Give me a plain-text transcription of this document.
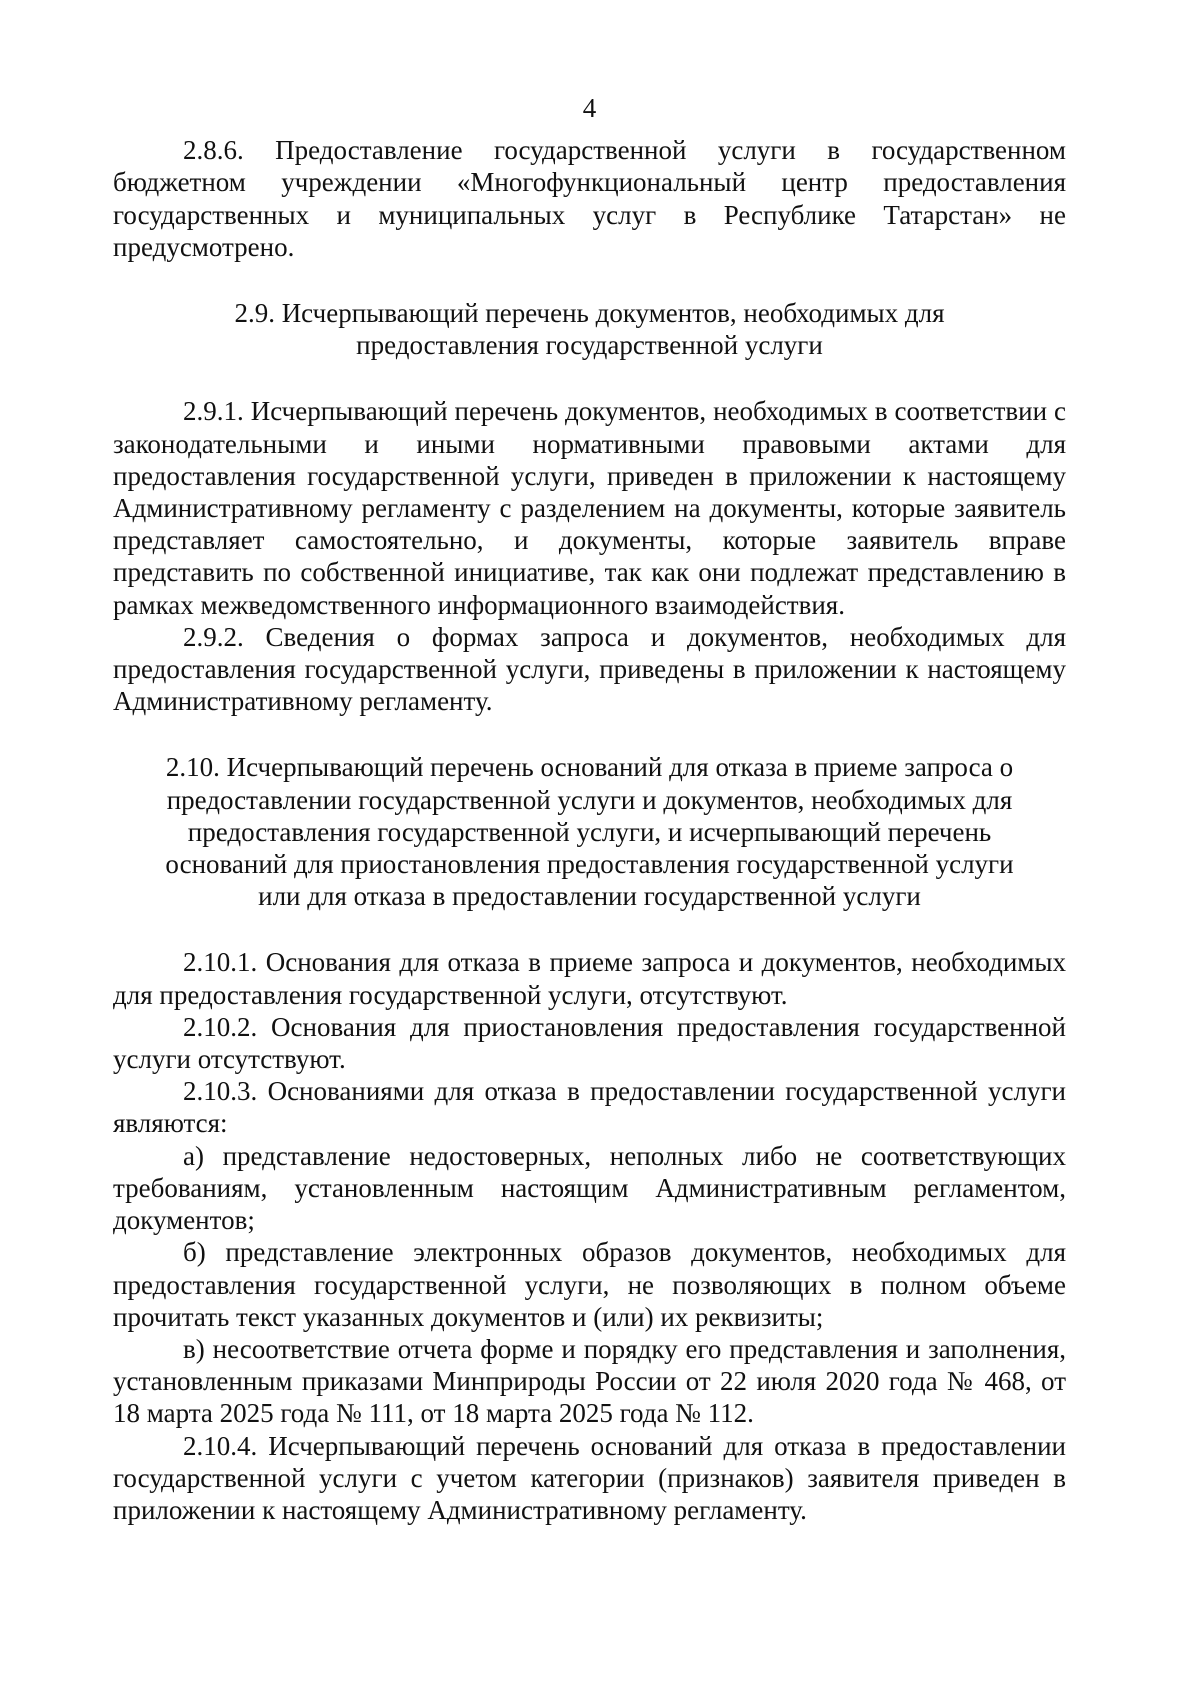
4

2.8.6. Предоставление государственной услуги в государственном бюджетном учреждении «Многофункциональный центр предоставления государственных и муниципальных услуг в Республике Татарстан» не предусмотрено.

2.9. Исчерпывающий перечень документов, необходимых для предоставления государственной услуги

2.9.1. Исчерпывающий перечень документов, необходимых в соответствии с законодательными и иными нормативными правовыми актами для предоставления государственной услуги, приведен в приложении к настоящему Административному регламенту с разделением на документы, которые заявитель представляет самостоятельно, и документы, которые заявитель вправе представить по собственной инициативе, так как они подлежат представлению в рамках межведомственного информационного взаимодействия.

2.9.2. Сведения о формах запроса и документов, необходимых для предоставления государственной услуги, приведены в приложении к настоящему Административному регламенту.

2.10. Исчерпывающий перечень оснований для отказа в приеме запроса о предоставлении государственной услуги и документов, необходимых для предоставления государственной услуги, и исчерпывающий перечень оснований для приостановления предоставления государственной услуги или для отказа в предоставлении государственной услуги

2.10.1. Основания для отказа в приеме запроса и документов, необходимых для предоставления государственной услуги, отсутствуют.

2.10.2. Основания для приостановления предоставления государственной услуги отсутствуют.

2.10.3. Основаниями для отказа в предоставлении государственной услуги являются:

а) представление недостоверных, неполных либо не соответствующих требованиям, установленным настоящим Административным регламентом, документов;

б) представление электронных образов документов, необходимых для предоставления государственной услуги, не позволяющих в полном объеме прочитать текст указанных документов и (или) их реквизиты;

в) несоответствие отчета форме и порядку его представления и заполнения, установленным приказами Минприроды России от 22 июля 2020 года № 468, от 18 марта 2025 года № 111, от 18 марта 2025 года № 112.

2.10.4. Исчерпывающий перечень оснований для отказа в предоставлении государственной услуги с учетом категории (признаков) заявителя приведен в приложении к настоящему Административному регламенту.
